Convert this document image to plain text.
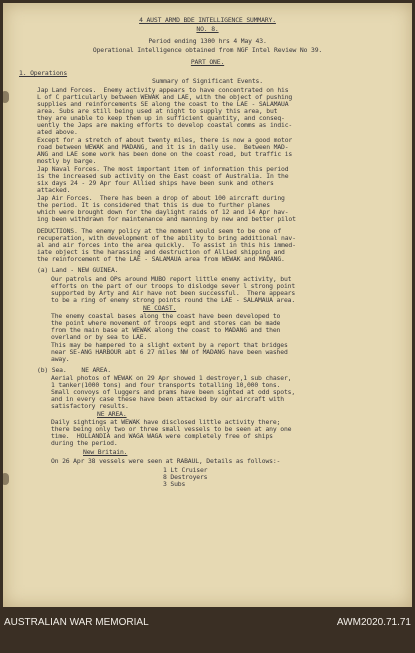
4 AUST ARMD BDE INTELLIGENCE SUMMARY.
NO. 8.
Period ending 1300 hrs 4 May 43.
Operational Intelligence obtained from NGF Intel Review No 39.
PART ONE.
1. Operations
Summary of Significant Events.
Jap Land Forces.  Enemy activity appears to have concentrated on his
L of C particularly between WEWAK and LAE, with the object of pushing
supplies and reinforcements SE along the coast to the LAE - SALAMAUA
area. Subs are still being used at night to supply this area, but
they are unable to keep them up in sufficient quantity, and conseq-
uently the Japs are making efforts to develop coastal comms as indic-
ated above.
Except for a stretch of about twenty miles, there is now a good motor
road between WEWAK and MADANG, and it is in daily use.  Between MAD-
ANG and LAE some work has been done on the coast road, but traffic is
mostly by barge.
Jap Naval Forces. The most important item of information this period
is the increased sub activity on the East coast of Australia. In the
six days 24 - 29 Apr four Allied ships have been sunk and others
attacked.
Jap Air Forces.  There has been a drop of about 100 aircraft during
the period. It is considered that this is due to further planes
which were brought down for the daylight raids of 12 and 14 Apr hav-
ing been withdrawn for maintenance and manning by new and better pilot
DEDUCTIONS. The enemy policy at the moment would seem to be one of
recuperation, with development of the ability to bring additional nav-
al and air forces into the area quickly.  To assist in this his immed-
iate object is the harassing and destruction of Allied shipping and
the reinforcement of the LAE - SALAMAUA area from WEWAK and MADANG.
(a) Land - NEW GUINEA.
Our patrols and OPs around MUBO report little enemy activity, but
efforts on the part of our troops to dislodge sever l strong point
supported by Arty and Air have not been successful.  There appears
to be a ring of enemy strong points round the LAE - SALAMAUA area.
NE COAST.
The enemy coastal bases along the coast have been developed to
the point where movement of troops eqpt and stores can be made
from the main base at WEWAK along the coast to MADANG and then
overland or by sea to LAE.
This may be hampered to a slight extent by a report that bridges
near SE-ANG HARBOUR abt 6 27 miles NW of MADANG have been washed
away.
(b) Sea.    NE AREA.
Aerial photos of WEWAK on 29 Apr showed 1 destroyer,1 sub chaser,
1 tanker(1000 tons) and four transports totalling 10,000 tons.
Small convoys of luggers and prams have been sighted at odd spots,
and in every case these have been attacked by our aircraft with
satisfactory results.
NE AREA.
Daily sightings at WEWAK have disclosed little activity there;
there being only two or three small vessels to be seen at any one
time.  HOLLANDIA and WAGA WAGA were completely free of ships
during the period.
New Britain.
On 26 Apr 38 vessels were seen at RABAUL, Details as follows:-
1 Lt Cruiser
8 Destroyers
3 Subs
AUSTRALIAN WAR MEMORIAL	AWM2020.71.71
